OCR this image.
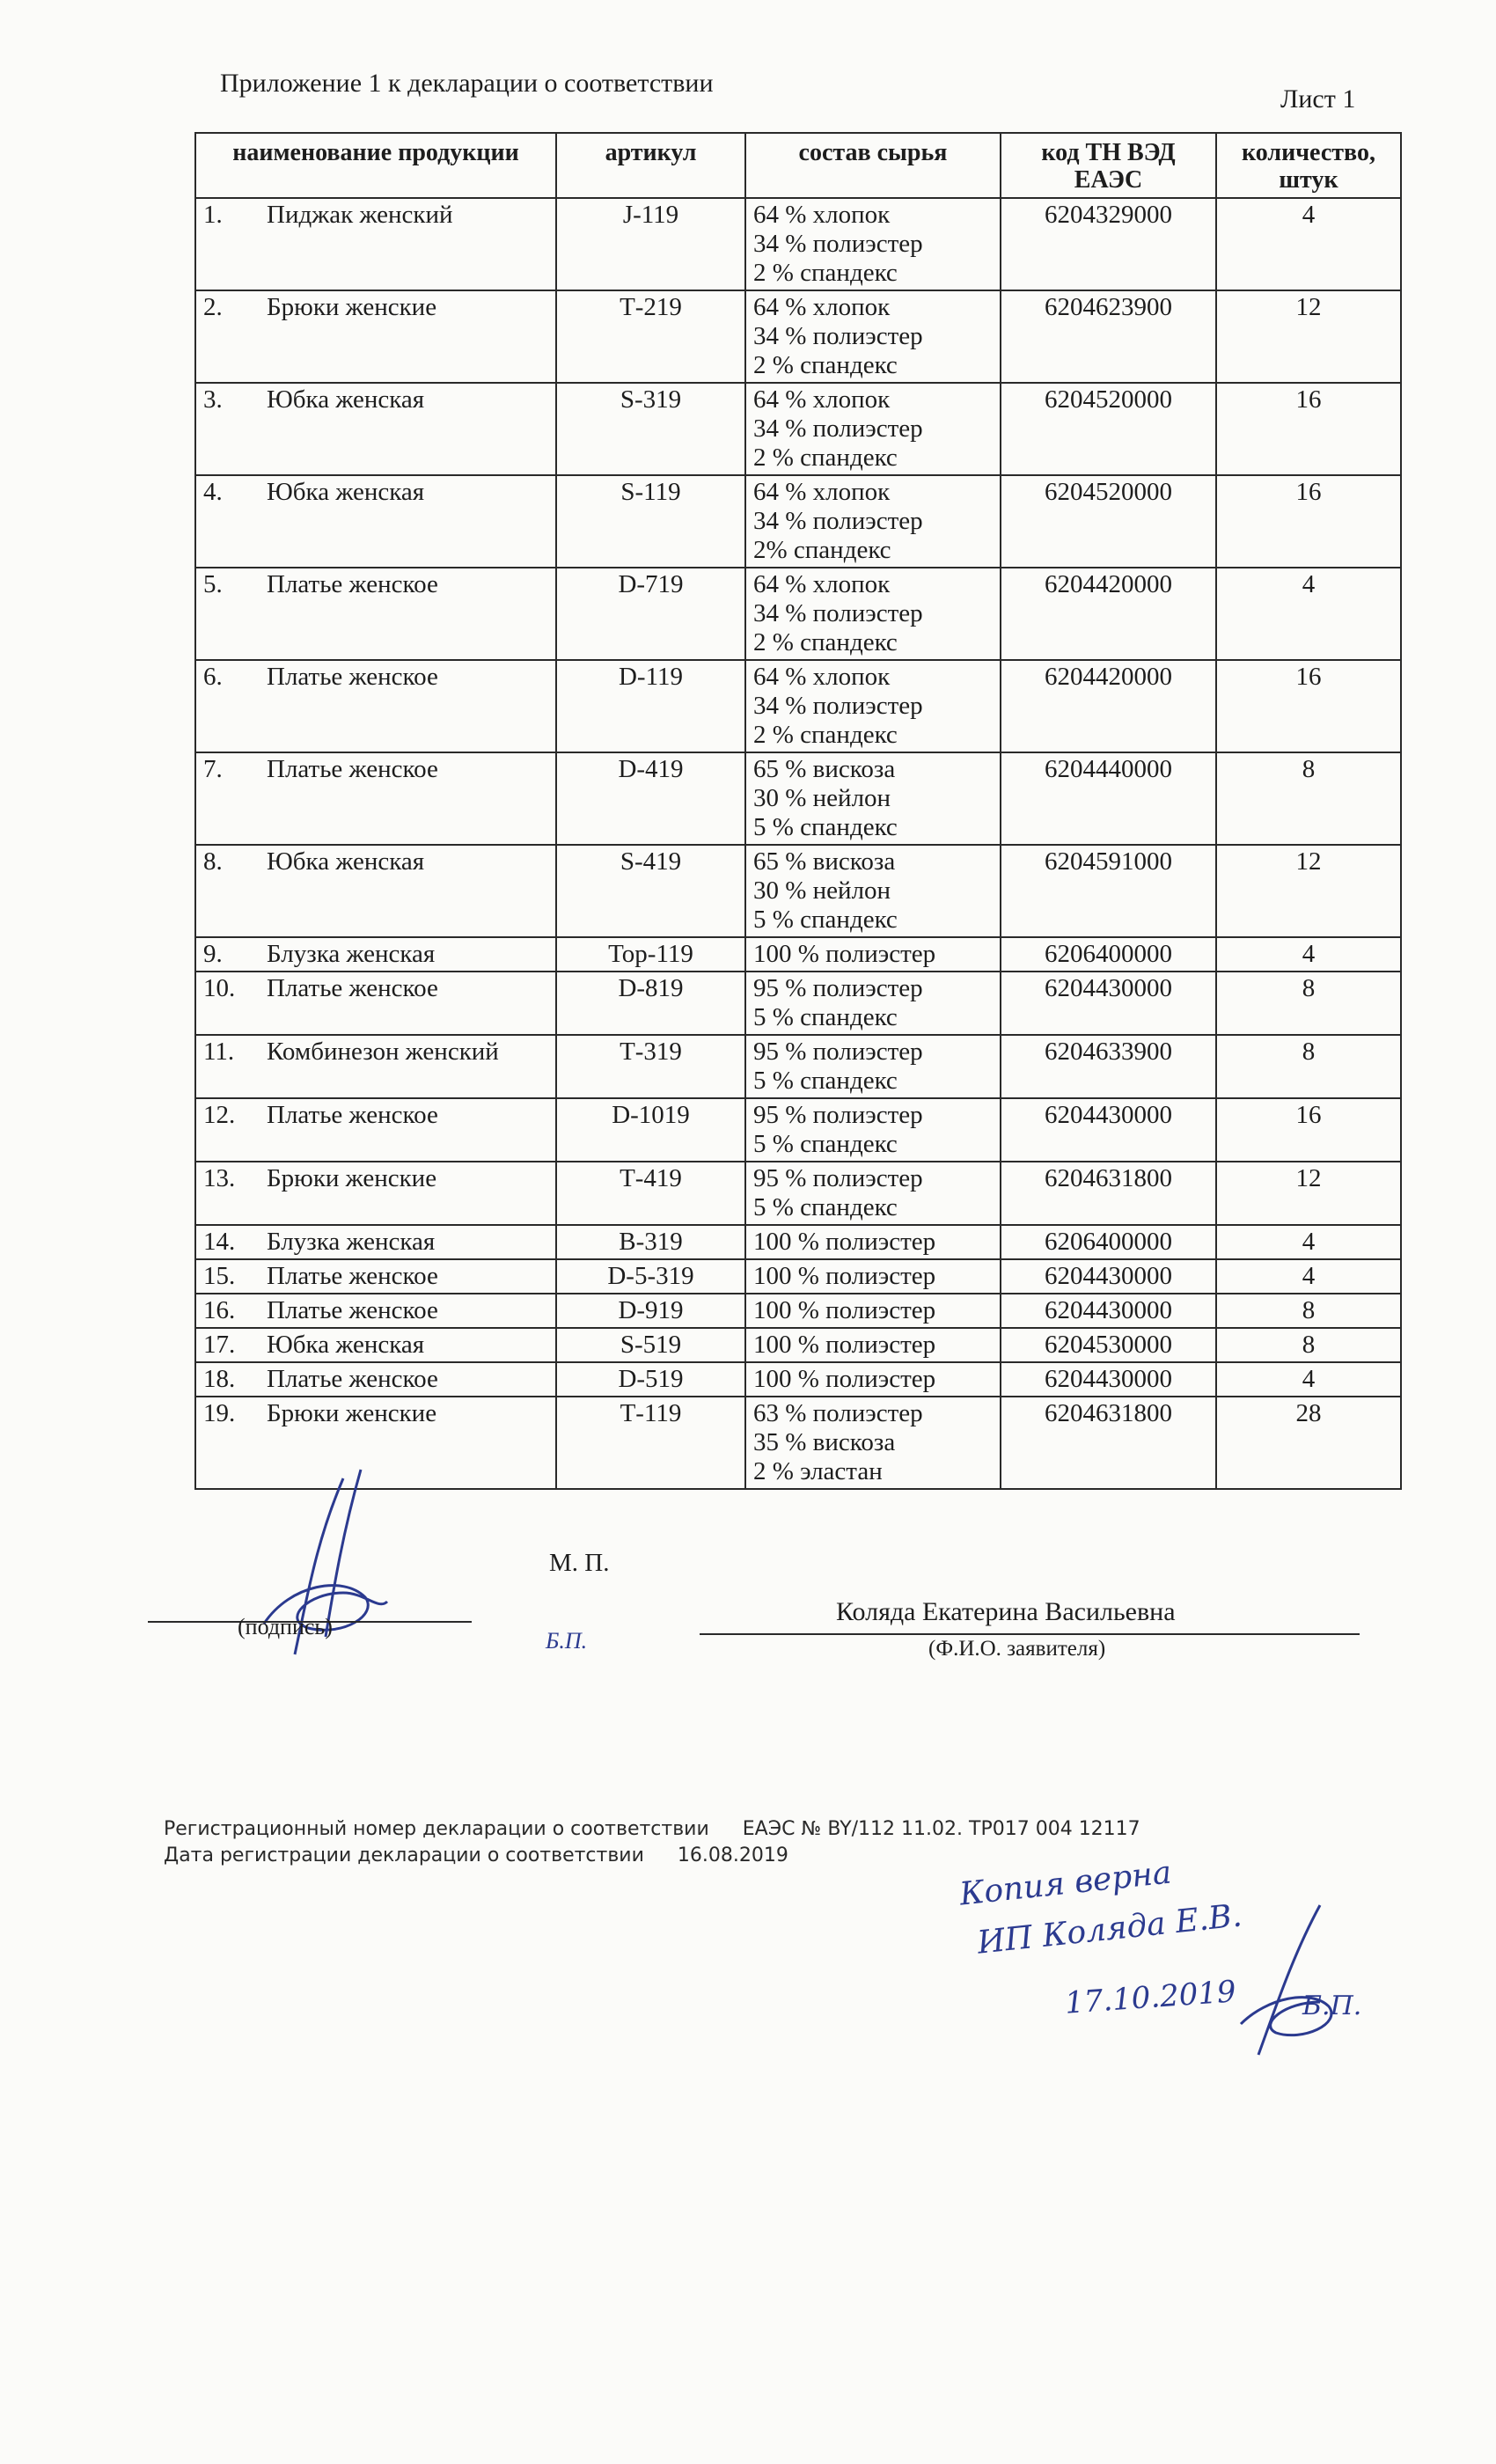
Приложение 1 к декларации о соответствии
Лист 1
наименование продукции	артикул	состав сырья	код ТН ВЭД ЕАЭС	количество, штук
1. Пиджак женский	J-119	64 % хлопок
34 % полиэстер
2 % спандекс	6204329000	4
2. Брюки женские	Т-219	64 % хлопок
34 % полиэстер
2 % спандекс	6204623900	12
3. Юбка женская	S-319	64 % хлопок
34 % полиэстер
2 % спандекс	6204520000	16
4. Юбка женская	S-119	64 % хлопок
34 % полиэстер
2% спандекс	6204520000	16
5. Платье женское	D-719	64 % хлопок
34 % полиэстер
2 % спандекс	6204420000	4
6. Платье женское	D-119	64 % хлопок
34 % полиэстер
2 % спандекс	6204420000	16
7. Платье женское	D-419	65 % вискоза
30 % нейлон
5 % спандекс	6204440000	8
8. Юбка женская	S-419	65 % вискоза
30 % нейлон
5 % спандекс	6204591000	12
9. Блузка женская	Top-119	100 % полиэстер	6206400000	4
10. Платье женское	D-819	95 % полиэстер
5 % спандекс	6204430000	8
11. Комбинезон женский	Т-319	95 % полиэстер
5 % спандекс	6204633900	8
12. Платье женское	D-1019	95 % полиэстер
5 % спандекс	6204430000	16
13. Брюки женские	Т-419	95 % полиэстер
5 % спандекс	6204631800	12
14. Блузка женская	В-319	100 % полиэстер	6206400000	4
15. Платье женское	D-5-319	100 % полиэстер	6204430000	4
16. Платье женское	D-919	100 % полиэстер	6204430000	8
17. Юбка женская	S-519	100 % полиэстер	6204530000	8
18. Платье женское	D-519	100 % полиэстер	6204430000	4
19. Брюки женские	Т-119	63 % полиэстер
35 % вискоза
2 % эластан	6204631800	28
(подпись)
М. П.
Б.П.
Коляда Екатерина Васильевна
(Ф.И.О. заявителя)
Регистрационный номер декларации о соответствии ЕАЭС № BY/112 11.02. ТР017 004 12117
Дата регистрации декларации о соответствии 16.08.2019	Копия верна
ИП Коляда Е.В.
17.10.2019 Б.П.
